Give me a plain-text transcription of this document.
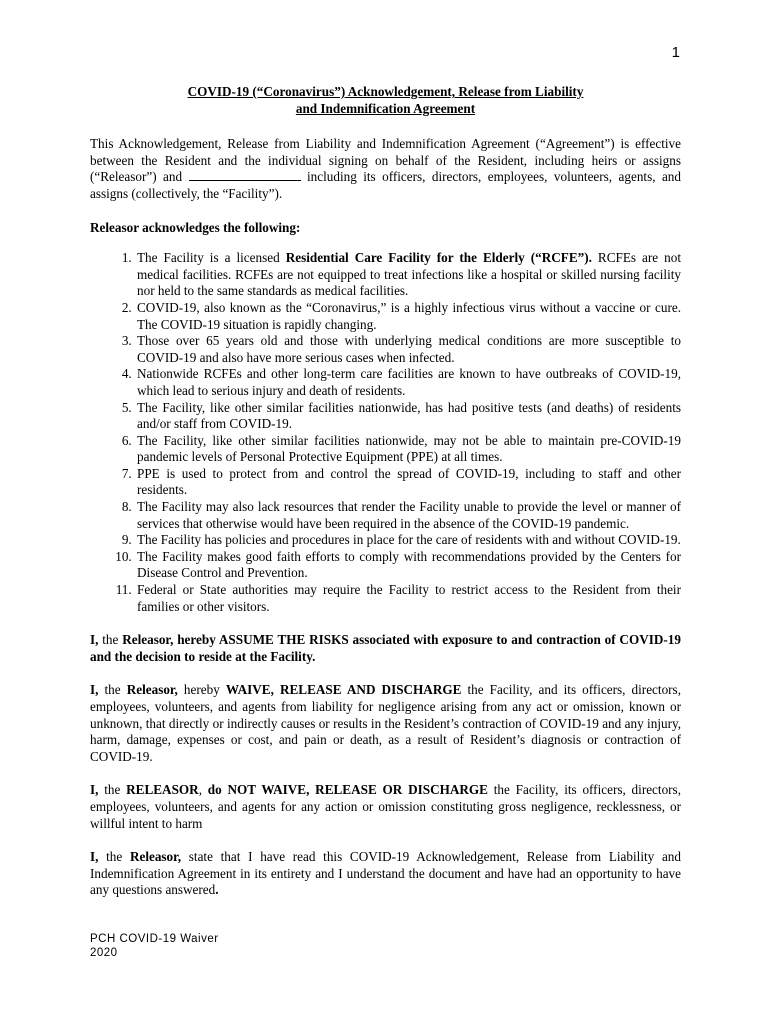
1
COVID-19 (“Coronavirus”) Acknowledgement, Release from Liability
and Indemnification Agreement

This Acknowledgement, Release from Liability and Indemnification Agreement (“Agreement”) is effective between the Resident and the individual signing on behalf of the Resident, including heirs or assigns (“Releasor”) and	including its officers, directors, employees, volunteers, agents, and assigns (collectively, the “Facility”).

Releasor acknowledges the following:
1. The Facility is a licensed Residential Care Facility for the Elderly (“RCFE”). RCFEs are not medical facilities. RCFEs are not equipped to treat infections like a hospital or skilled nursing facility nor held to the same standards as medical facilities.
2. COVID-19, also known as the “Coronavirus,” is a highly infectious virus without a vaccine or cure. The COVID-19 situation is rapidly changing.
3. Those over 65 years old and those with underlying medical conditions are more susceptible to COVID-19 and also have more serious cases when infected.
4. Nationwide RCFEs and other long-term care facilities are known to have outbreaks of COVID-19, which lead to serious injury and death of residents.
5. The Facility, like other similar facilities nationwide, has had positive tests (and deaths) of residents and/or staff from COVID-19.
6. The Facility, like other similar facilities nationwide, may not be able to maintain pre-COVID-19 pandemic levels of Personal Protective Equipment (PPE) at all times.
7. PPE is used to protect from and control the spread of COVID-19, including to staff and other residents.
8. The Facility may also lack resources that render the Facility unable to provide the level or manner of services that otherwise would have been required in the absence of the COVID-19 pandemic.
9. The Facility has policies and procedures in place for the care of residents with and without COVID-19.
10. The Facility makes good faith efforts to comply with recommendations provided by the Centers for Disease Control and Prevention.
11. Federal or State authorities may require the Facility to restrict access to the Resident from their families or other visitors.

I, the Releasor, hereby ASSUME THE RISKS associated with exposure to and contraction of COVID-19 and the decision to reside at the Facility.

I, the Releasor, hereby WAIVE, RELEASE AND DISCHARGE the Facility, and its officers, directors, employees, volunteers, and agents from liability for negligence arising from any act or omission, known or unknown, that directly or indirectly causes or results in the Resident’s contraction of COVID-19 and any injury, harm, damage, expenses or cost, and pain or death, as a result of Resident’s diagnosis or contraction of COVID-19.

I, the RELEASOR, do NOT WAIVE, RELEASE OR DISCHARGE the Facility, its officers, directors, employees, volunteers, and agents for any action or omission constituting gross negligence, recklessness, or willful intent to harm

I, the Releasor, state that I have read this COVID-19 Acknowledgement, Release from Liability and Indemnification Agreement in its entirety and I understand the document and have had an opportunity to have any questions answered.

PCH COVID-19 Waiver
2020
